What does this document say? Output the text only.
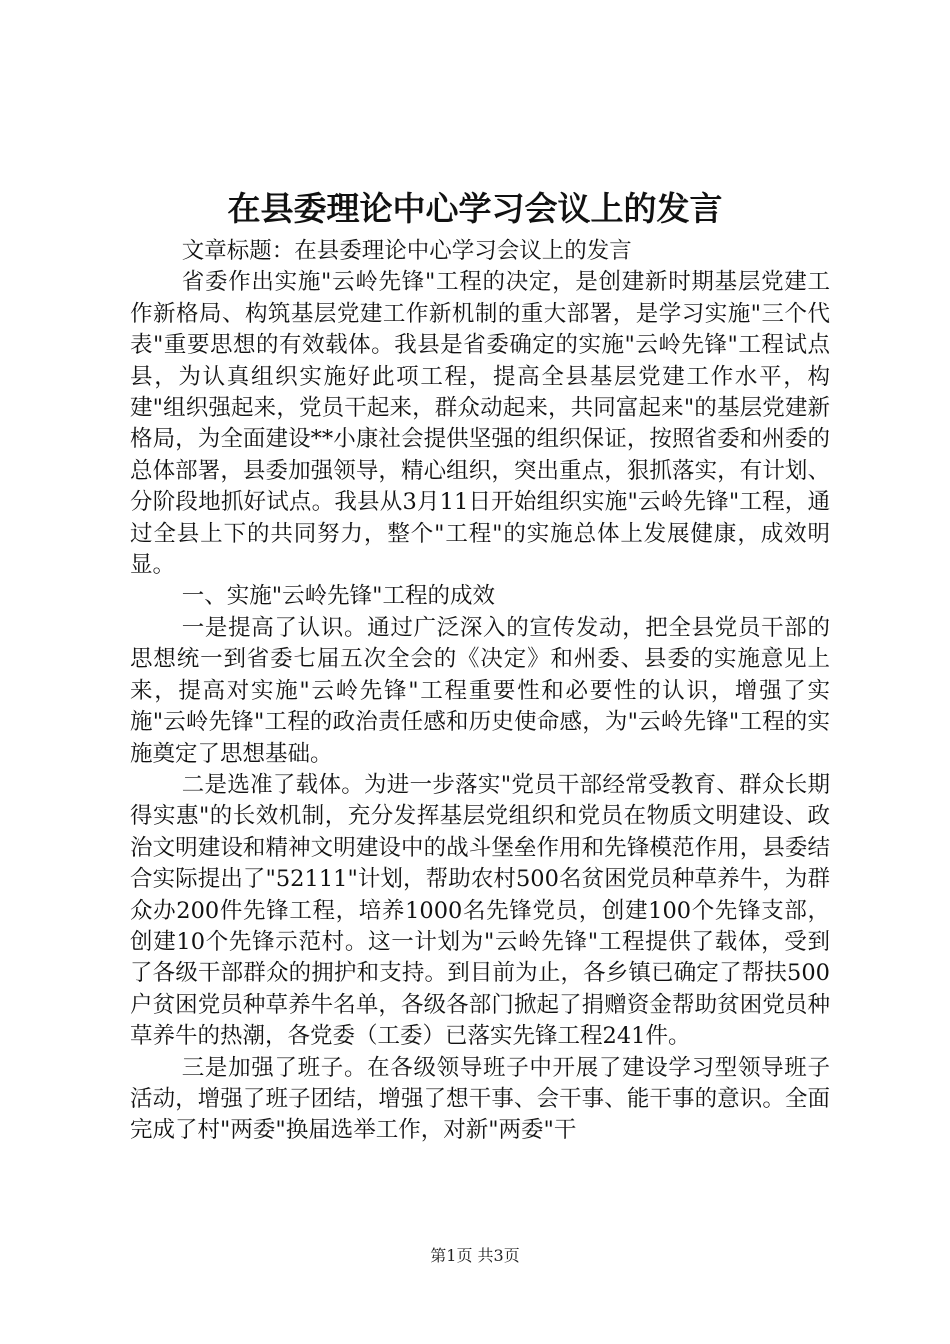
在县委理论中心学习会议上的发言

文章标题：在县委理论中心学习会议上的发言

省委作出实施"云岭先锋"工程的决定，是创建新时期基层党建工作新格局、构筑基层党建工作新机制的重大部署，是学习实施"三个代表"重要思想的有效载体。我县是省委确定的实施"云岭先锋"工程试点县，为认真组织实施好此项工程，提高全县基层党建工作水平，构建"组织强起来，党员干起来，群众动起来，共同富起来"的基层党建新格局，为全面建设**小康社会提供坚强的组织保证，按照省委和州委的总体部署，县委加强领导，精心组织，突出重点，狠抓落实，有计划、分阶段地抓好试点。我县从3月11日开始组织实施"云岭先锋"工程，通过全县上下的共同努力，整个"工程"的实施总体上发展健康，成效明显。

一、实施"云岭先锋"工程的成效

一是提高了认识。通过广泛深入的宣传发动，把全县党员干部的思想统一到省委七届五次全会的《决定》和州委、县委的实施意见上来，提高对实施"云岭先锋"工程重要性和必要性的认识，增强了实施"云岭先锋"工程的政治责任感和历史使命感，为"云岭先锋"工程的实施奠定了思想基础。

二是选准了载体。为进一步落实"党员干部经常受教育、群众长期得实惠"的长效机制，充分发挥基层党组织和党员在物质文明建设、政治文明建设和精神文明建设中的战斗堡垒作用和先锋模范作用，县委结合实际提出了"52111"计划，帮助农村500名贫困党员种草养牛，为群众办200件先锋工程，培养1000名先锋党员，创建100个先锋支部，创建10个先锋示范村。这一计划为"云岭先锋"工程提供了载体，受到了各级干部群众的拥护和支持。到目前为止，各乡镇已确定了帮扶500户贫困党员种草养牛名单，各级各部门掀起了捐赠资金帮助贫困党员种草养牛的热潮，各党委（工委）已落实先锋工程241件。

三是加强了班子。在各级领导班子中开展了建设学习型领导班子活动，增强了班子团结，增强了想干事、会干事、能干事的意识。全面完成了村"两委"换届选举工作，对新"两委"干

第1页 共3页
